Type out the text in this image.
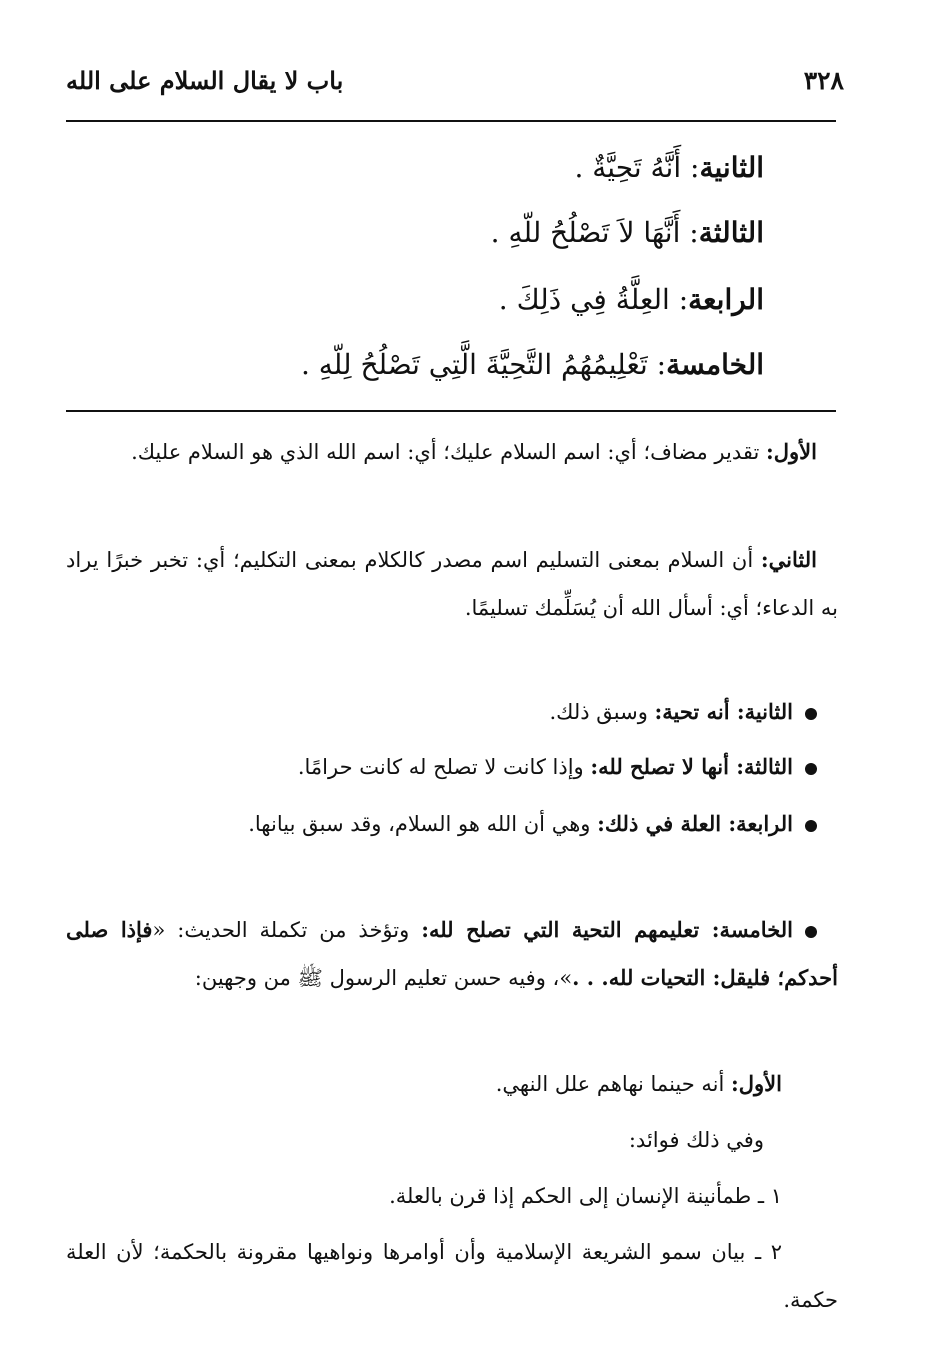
باب لا يقال السلام على الله	٣٢٨
الثانية: أَنَّهُ تَحِيَّةٌ .
الثالثة: أَنَّهَا لاَ تَصْلُحُ للّهِ .
الرابعة: العِلَّةُ فِي ذَلِكَ .
الخامسة: تَعْلِيمُهُمُ التَّحِيَّةَ الَّتِي تَصْلُحُ لِلّهِ .
 الأول: تقدير مضاف؛ أي: اسم السلام عليك؛ أي: اسم الله الذي هو السلام عليك.
 الثاني: أن السلام بمعنى التسليم اسم مصدر كالكلام بمعنى التكليم؛ أي: تخبر خبرًا يراد به الدعاء؛ أي: أسأل الله أن يُسَلِّمك تسليمًا.
 الثانية: أنه تحية: وسبق ذلك.
 الثالثة: أنها لا تصلح لله: وإذا كانت لا تصلح له كانت حرامًا.
 الرابعة: العلة في ذلك: وهي أن الله هو السلام، وقد سبق بيانها.
 الخامسة: تعليمهم التحية التي تصلح لله: وتؤخذ من تكملة الحديث: «فإذا صلى أحدكم؛ فليقل: التحيات لله. . .»، وفيه حسن تعليم الرسول ﷺ من وجهين:
الأول: أنه حينما نهاهم علل النهي.
وفي ذلك فوائد:
١ ـ طمأنينة الإنسان إلى الحكم إذا قرن بالعلة.
٢ ـ بيان سمو الشريعة الإسلامية وأن أوامرها ونواهيها مقرونة بالحكمة؛ لأن العلة حكمة.
